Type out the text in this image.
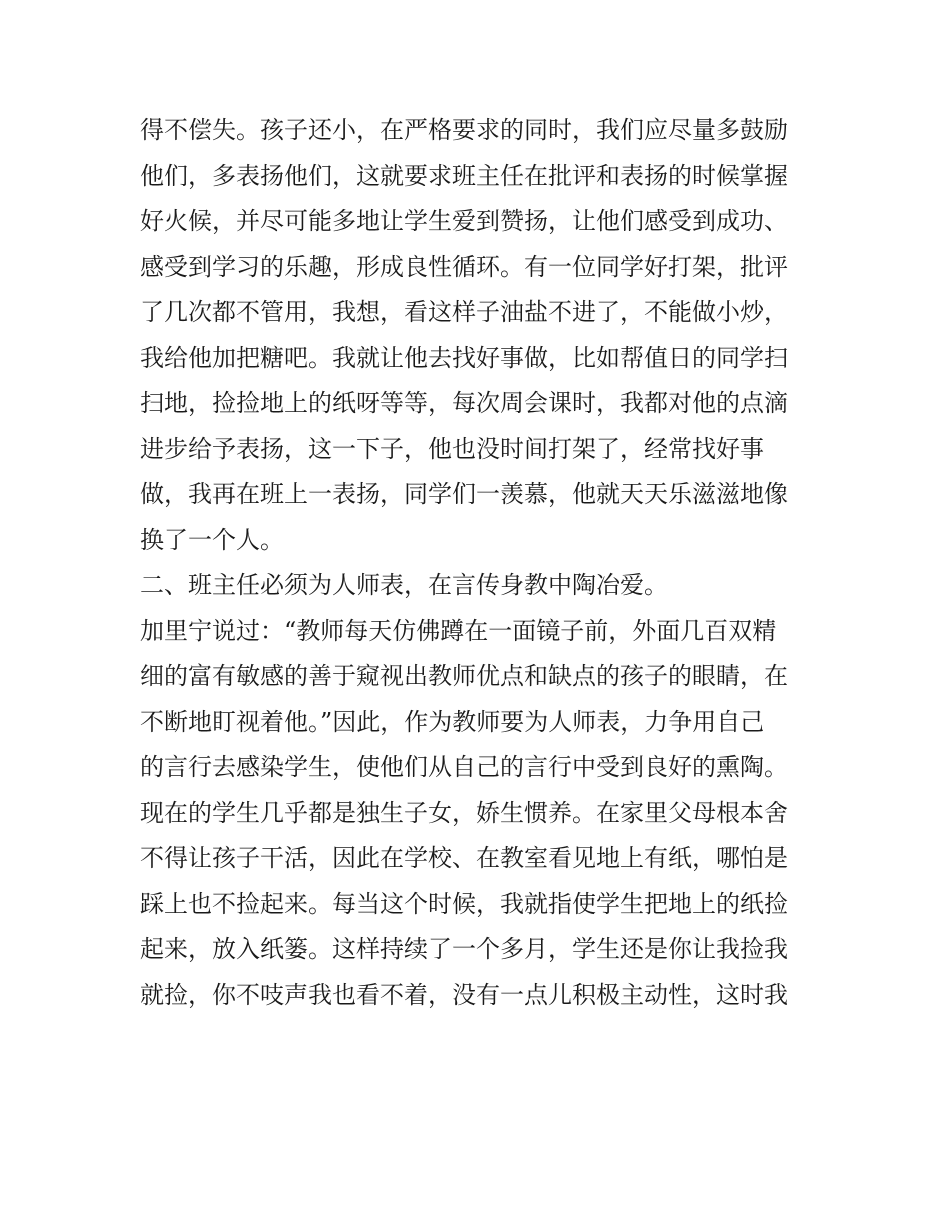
得不偿失。孩子还小，在严格要求的同时，我们应尽量多鼓励
他们，多表扬他们，这就要求班主任在批评和表扬的时候掌握
好火候，并尽可能多地让学生爱到赞扬，让他们感受到成功、
感受到学习的乐趣，形成良性循环。有一位同学好打架，批评
了几次都不管用，我想，看这样子油盐不进了，不能做小炒，
我给他加把糖吧。我就让他去找好事做，比如帮值日的同学扫
扫地，捡捡地上的纸呀等等，每次周会课时，我都对他的点滴
进步给予表扬，这一下子，他也没时间打架了，经常找好事
做，我再在班上一表扬，同学们一羡慕，他就天天乐滋滋地像
换了一个人。
二、班主任必须为人师表，在言传身教中陶冶爱。
加里宁说过：“教师每天仿佛蹲在一面镜子前，外面几百双精
细的富有敏感的善于窥视出教师优点和缺点的孩子的眼睛，在
不断地盯视着他。”因此，作为教师要为人师表，力争用自己
的言行去感染学生，使他们从自己的言行中受到良好的熏陶。
现在的学生几乎都是独生子女，娇生惯养。在家里父母根本舍
不得让孩子干活，因此在学校、在教室看见地上有纸，哪怕是
踩上也不捡起来。每当这个时候，我就指使学生把地上的纸捡
起来，放入纸篓。这样持续了一个多月，学生还是你让我捡我
就捡，你不吱声我也看不着，没有一点儿积极主动性，这时我
